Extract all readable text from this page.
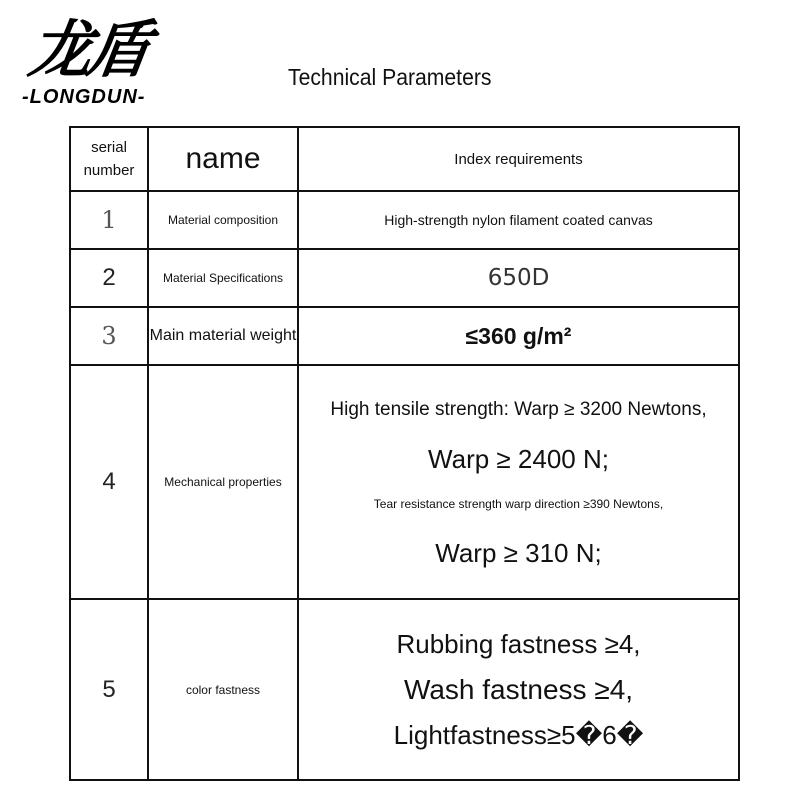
龙盾
-LONGDUN-
Technical Parameters
serial number	name	Index requirements
1	Material composition	High-strength nylon filament coated canvas
2	Material Specifications	650D
3	Main material weight	≤360 g/m²
4	Mechanical properties	High tensile strength: Warp ≥ 3200 Newtons,
Warp ≥ 2400 N;
Tear resistance strength warp direction ≥390 Newtons,
Warp ≥ 310 N;

5	color fastness	Rubbing fastness ≥4,
Wash fastness ≥4,
Lightfastness≥5�6�
